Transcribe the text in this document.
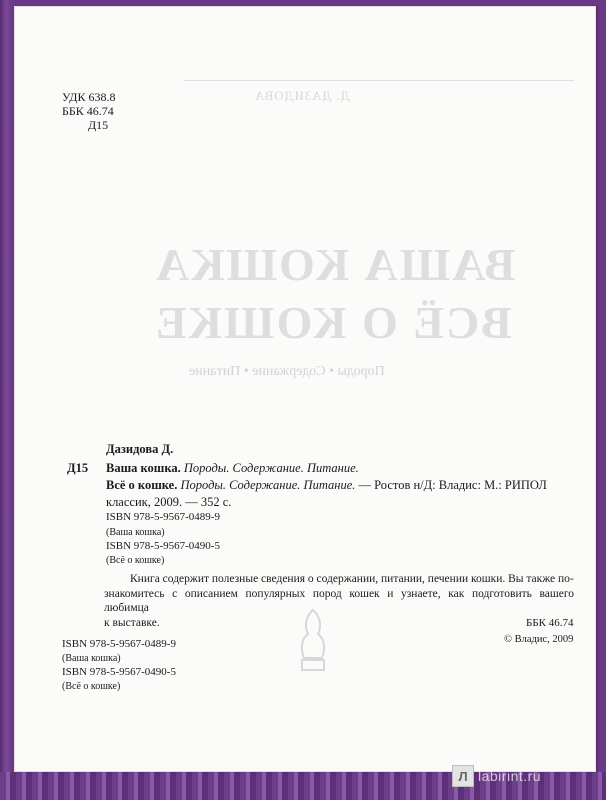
Д. ДАЗИДОВА
ВАША КОШКА
ВСЁ О КОШКЕ
Породы • Содержание • Питание
УДК 638.8
ББК 46.74
Д15
Дазидова Д.
Д15 Ваша кошка. Породы. Содержание. Питание.
Всё о кошке. Породы. Содержание. Питание. — Ростов н/Д: Владис: М.: РИПОЛ
классик, 2009. — 352 с.
ISBN 978-5-9567-0489-9
(Ваша кошка)
ISBN 978-5-9567-0490-5
(Всё о кошке)
Книга содержит полезные сведения о содержании, питании, печении кошки. Вы также по-
знакомитесь с описанием популярных пород кошек и узнаете, как подготовить вашего любимца
к выставке.	ББК 46.74
© Владис, 2009
ISBN 978-5-9567-0489-9
(Ваша кошка)
ISBN 978-5-9567-0490-5
(Всё о кошке)
Л labirint.ru
